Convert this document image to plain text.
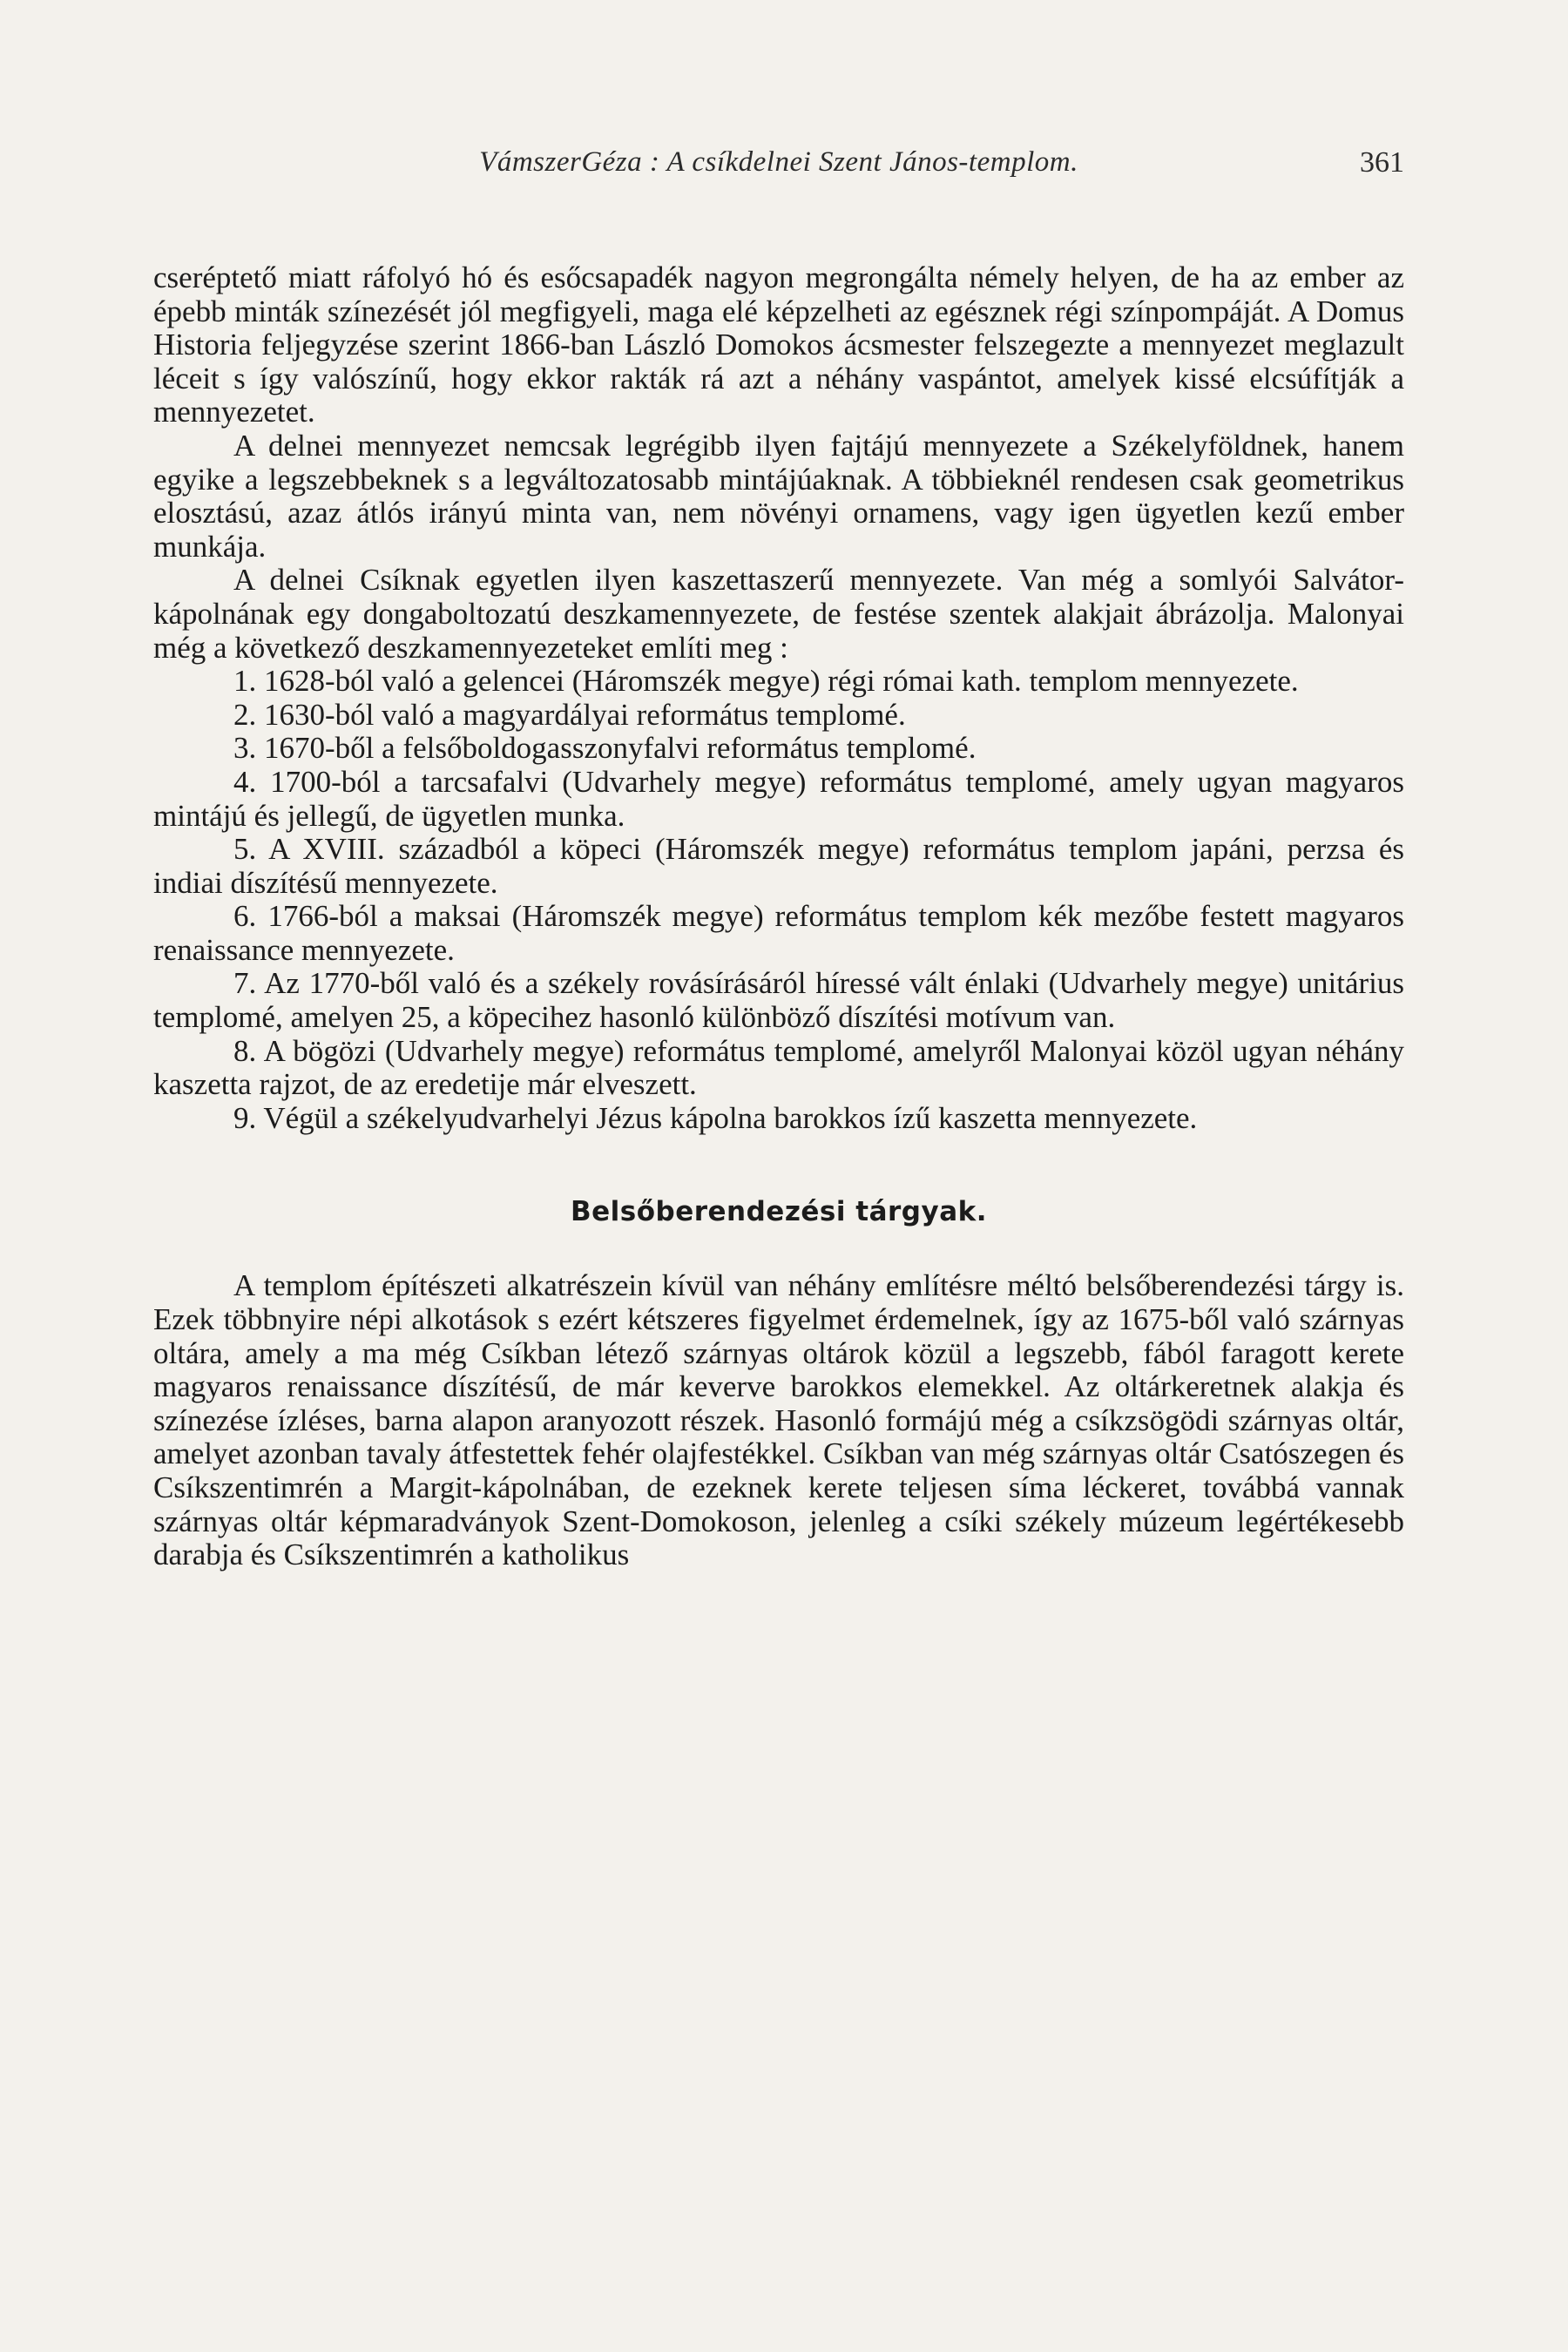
VámszerGéza : A csíkdelnei Szent János-templom.	361

cseréptető miatt ráfolyó hó és esőcsapadék nagyon megrongálta némely helyen, de ha az ember az épebb minták színezését jól megfigyeli, maga elé képzelheti az egésznek régi színpompáját. A Domus Historia feljegyzése szerint 1866-ban László Domokos ácsmester felszegezte a mennyezet meglazult léceit s így valószínű, hogy ekkor rakták rá azt a néhány vaspántot, amelyek kissé elcsúfítják a mennyezetet.

A delnei mennyezet nemcsak legrégibb ilyen fajtájú mennyezete a Székelyföldnek, hanem egyike a legszebbeknek s a legváltozatosabb mintájúaknak. A többieknél rendesen csak geometrikus elosztású, azaz átlós irányú minta van, nem növényi ornamens, vagy igen ügyetlen kezű ember munkája.

A delnei Csíknak egyetlen ilyen kaszettaszerű mennyezete. Van még a somlyói Salvátor-kápolnának egy dongaboltozatú deszkamennyezete, de festése szentek alakjait ábrázolja. Malonyai még a következő deszkamennyezeteket említi meg :

1. 1628-ból való a gelencei (Háromszék megye) régi római kath. templom mennyezete.

2. 1630-ból való a magyardályai református templomé.

3. 1670-ből a felsőboldogasszonyfalvi református templomé.

4. 1700-ból a tarcsafalvi (Udvarhely megye) református templomé, amely ugyan magyaros mintájú és jellegű, de ügyetlen munka.

5. A XVIII. századból a köpeci (Háromszék megye) református templom japáni, perzsa és indiai díszítésű mennyezete.

6. 1766-ból a maksai (Háromszék megye) református templom kék mezőbe festett magyaros renaissance mennyezete.

7. Az 1770-ből való és a székely rovásírásáról híressé vált énlaki (Udvarhely megye) unitárius templomé, amelyen 25, a köpecihez hasonló különböző díszítési motívum van.

8. A bögözi (Udvarhely megye) református templomé, amelyről Malonyai közöl ugyan néhány kaszetta rajzot, de az eredetije már elveszett.

9. Végül a székelyudvarhelyi Jézus kápolna barokkos ízű kaszetta mennyezete.

Belsőberendezési tárgyak.

A templom építészeti alkatrészein kívül van néhány említésre méltó belsőberendezési tárgy is. Ezek többnyire népi alkotások s ezért kétszeres figyelmet érdemelnek, így az 1675-ből való szárnyas oltára, amely a ma még Csíkban létező szárnyas oltárok közül a legszebb, fából faragott kerete magyaros renaissance díszítésű, de már keverve barokkos elemekkel. Az oltárkeretnek alakja és színezése ízléses, barna alapon aranyozott részek. Hasonló formájú még a csíkzsögödi szárnyas oltár, amelyet azonban tavaly átfestettek fehér olajfestékkel. Csíkban van még szárnyas oltár Csatószegen és Csíkszentimrén a Margit-kápolnában, de ezeknek kerete teljesen síma léckeret, továbbá vannak szárnyas oltár képmaradványok Szent-Domokoson, jelenleg a csíki székely múzeum legértékesebb darabja és Csíkszentimrén a katholikus
